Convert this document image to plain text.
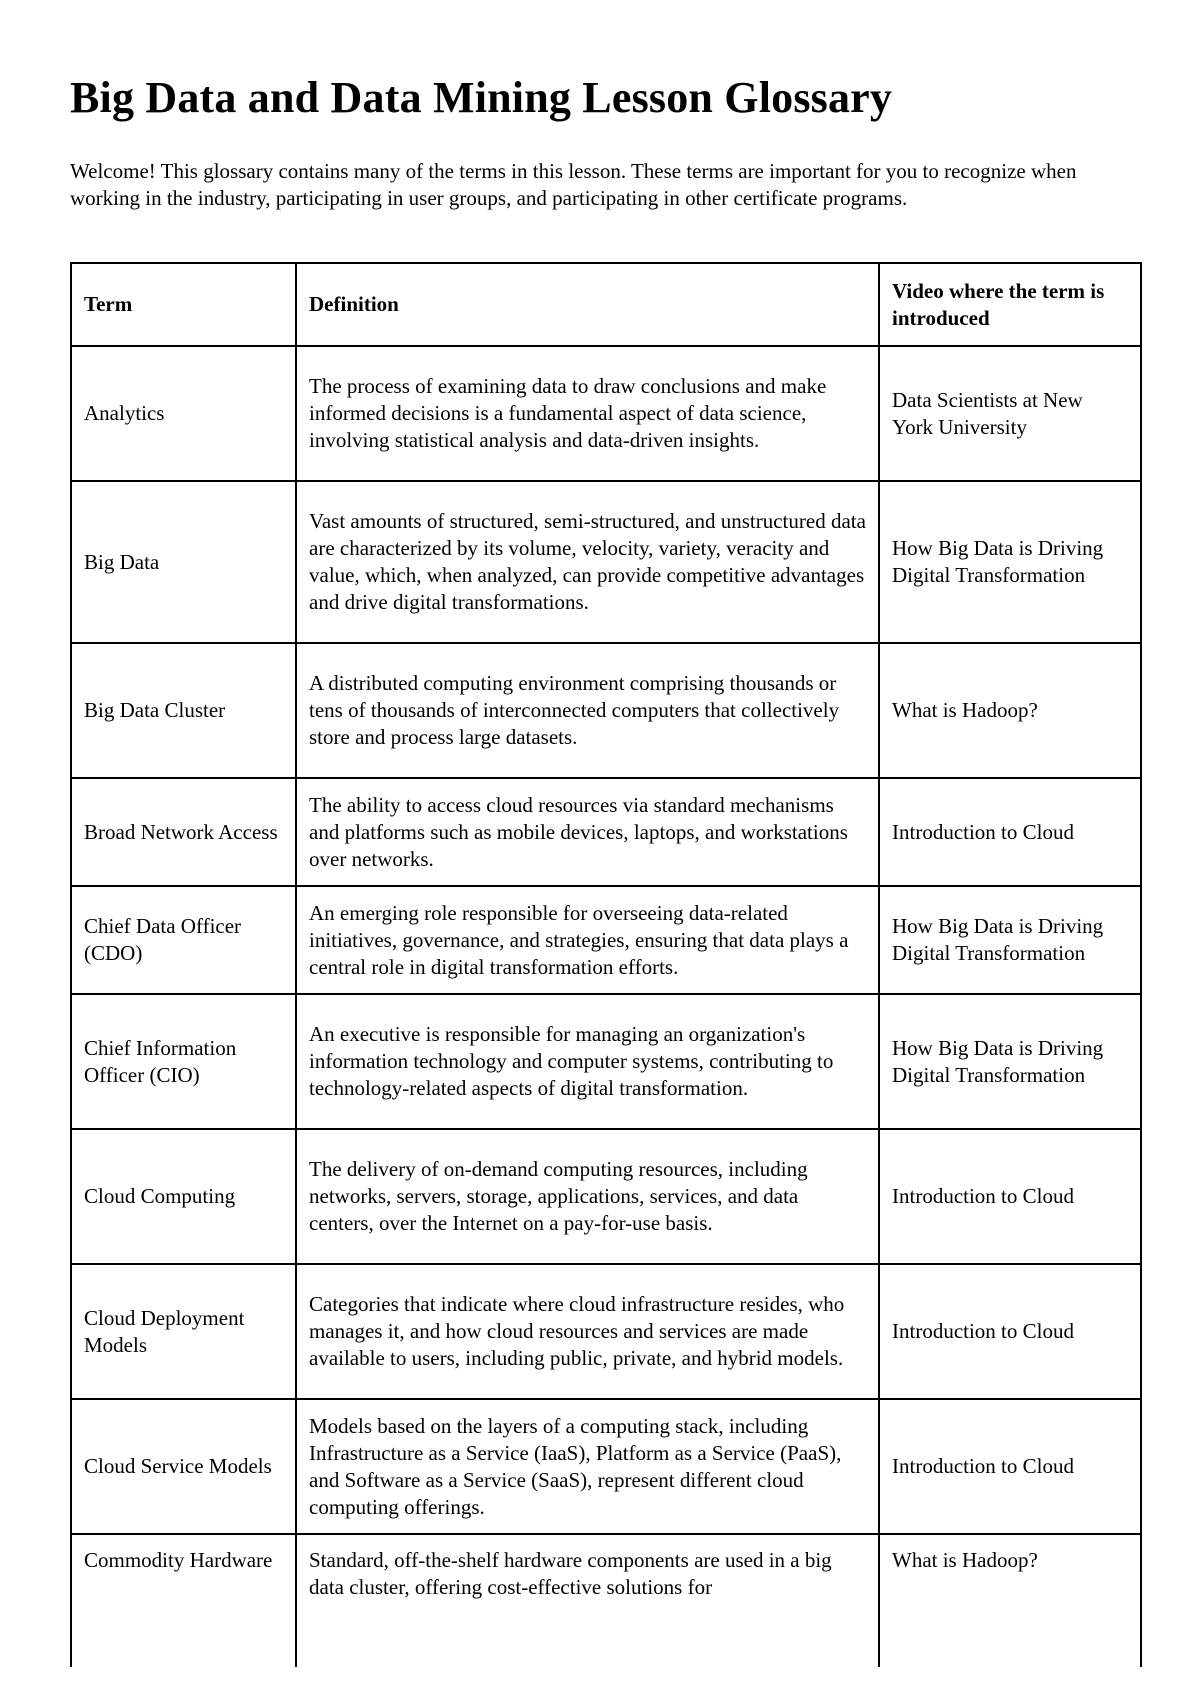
Big Data and Data Mining Lesson Glossary

Welcome! This glossary contains many of the terms in this lesson. These terms are important for you to recognize when working in the industry, participating in user groups, and participating in other certificate programs.

Term	Definition	Video where the term is introduced
Analytics	The process of examining data to draw conclusions and make informed decisions is a fundamental aspect of data science, involving statistical analysis and data-driven insights.	Data Scientists at New York University
Big Data	Vast amounts of structured, semi-structured, and unstructured data are characterized by its volume, velocity, variety, veracity and value, which, when analyzed, can provide competitive advantages and drive digital transformations.	How Big Data is Driving Digital Transformation
Big Data Cluster	A distributed computing environment comprising thousands or tens of thousands of interconnected computers that collectively store and process large datasets.	What is Hadoop?
Broad Network Access	The ability to access cloud resources via standard mechanisms and platforms such as mobile devices, laptops, and workstations over networks.	Introduction to Cloud
Chief Data Officer (CDO)	An emerging role responsible for overseeing data-related initiatives, governance, and strategies, ensuring that data plays a central role in digital transformation efforts.	How Big Data is Driving Digital Transformation
Chief Information Officer (CIO)	An executive is responsible for managing an organization's information technology and computer systems, contributing to technology-related aspects of digital transformation.	How Big Data is Driving Digital Transformation
Cloud Computing	The delivery of on-demand computing resources, including networks, servers, storage, applications, services, and data centers, over the Internet on a pay-for-use basis.	Introduction to Cloud
Cloud Deployment Models	Categories that indicate where cloud infrastructure resides, who manages it, and how cloud resources and services are made available to users, including public, private, and hybrid models.	Introduction to Cloud
Cloud Service Models	Models based on the layers of a computing stack, including Infrastructure as a Service (IaaS), Platform as a Service (PaaS), and Software as a Service (SaaS), represent different cloud computing offerings.	Introduction to Cloud
Commodity Hardware	Standard, off-the-shelf hardware components are used in a big data cluster, offering cost-effective solutions for	What is Hadoop?
